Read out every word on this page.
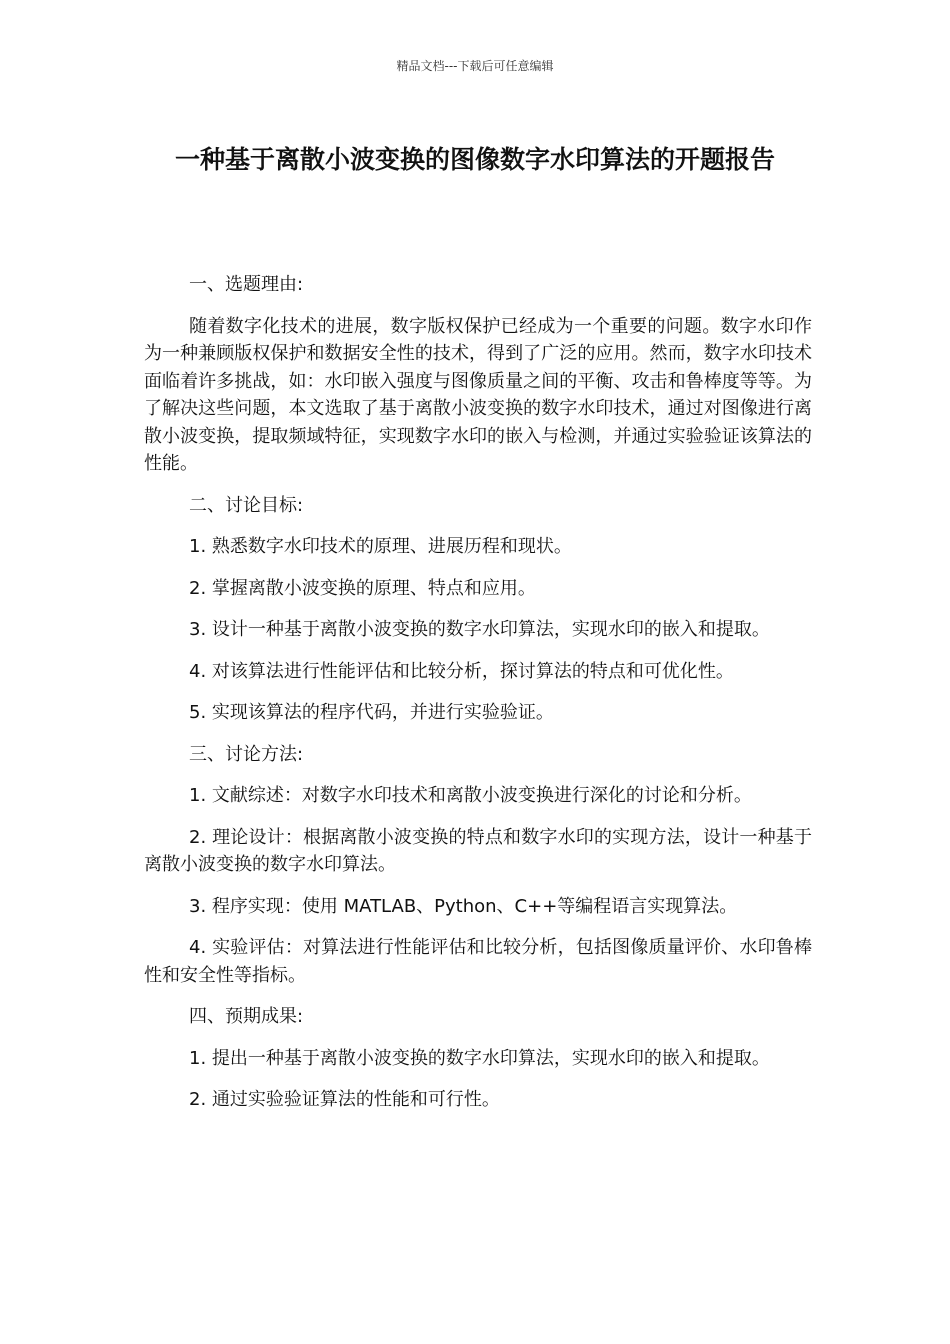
精品文档---下载后可任意编辑
一种基于离散小波变换的图像数字水印算法的开题报告

一、选题理由:

随着数字化技术的进展，数字版权保护已经成为一个重要的问题。数字水印作为一种兼顾版权保护和数据安全性的技术，得到了广泛的应用。然而，数字水印技术面临着许多挑战，如：水印嵌入强度与图像质量之间的平衡、攻击和鲁棒度等等。为了解决这些问题，本文选取了基于离散小波变换的数字水印技术，通过对图像进行离散小波变换，提取频域特征，实现数字水印的嵌入与检测，并通过实验验证该算法的性能。

二、讨论目标:

1. 熟悉数字水印技术的原理、进展历程和现状。

2. 掌握离散小波变换的原理、特点和应用。

3. 设计一种基于离散小波变换的数字水印算法，实现水印的嵌入和提取。

4. 对该算法进行性能评估和比较分析，探讨算法的特点和可优化性。

5. 实现该算法的程序代码，并进行实验验证。

三、讨论方法:

1. 文献综述：对数字水印技术和离散小波变换进行深化的讨论和分析。

2. 理论设计：根据离散小波变换的特点和数字水印的实现方法，设计一种基于离散小波变换的数字水印算法。

3. 程序实现：使用 MATLAB、Python、C++等编程语言实现算法。

4. 实验评估：对算法进行性能评估和比较分析，包括图像质量评价、水印鲁棒性和安全性等指标。

四、预期成果:

1. 提出一种基于离散小波变换的数字水印算法，实现水印的嵌入和提取。

2. 通过实验验证算法的性能和可行性。
